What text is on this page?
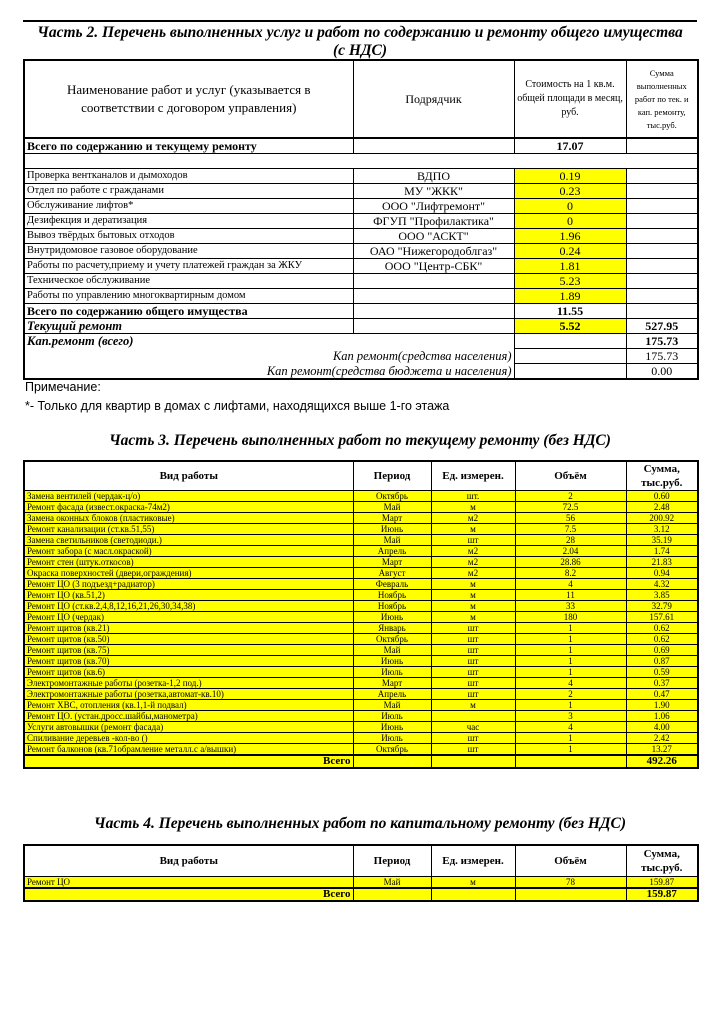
Часть 2. Перечень выполненных услуг и работ по содержанию и ремонту общего имущества
(с НДС)
Наименование работ и услуг (указывается в соответствии с договором управления)	Подрядчик	Стоимость на 1 кв.м. общей площади в месяц, руб.	Сумма выполненных работ по тек. и кап. ремонту, тыс.руб.
Всего по содержанию и текущему ремонту		17.07	

Проверка вентканалов и дымоходов	ВДПО	0.19	
Отдел по работе с гражданами	МУ "ЖКК"	0.23	
Обслуживание лифтов*	ООО "Лифтремонт"	0	
Дезифекция и дератизация	ФГУП "Профилактика"	0	
Вывоз твёрдых бытовых отходов	ООО "АСКТ"	1.96	
Внутридомовое газовое оборудование	ОАО "Нижегородоблгаз"	0.24	
Работы по расчету,приему и учету платежей граждан за ЖКУ	ООО "Центр-СБК"	1.81	
Техническое обслуживание		5.23	
Работы по управлению многоквартирным домом		1.89	
Всего по содержанию общего имущества		11.55	
Текущий ремонт		5.52	527.95
Кап.ремонт (всего)			175.73
Кап ремонт(средства населения)			175.73
Кап ремонт(средства бюджета и населения)			0.00
Примечание:
*- Только для квартир в домах с лифтами, находящихся выше 1-го этажа
Часть 3. Перечень выполненных работ по текущему ремонту (без НДС)
Вид работы	Период	Ед. измерен.	Объём	Сумма, тыс.руб.
Замена вентилей (чердак-ц/о)	Октябрь	шт.	2	0.60
Ремонт фасада (извест.окраска-74м2)	Май	м	72.5	2.48
Замена оконных блоков (пластиковые)	Март	м2	56	200.92
Ремонт канализации (ст.кв.51,55)	Июнь	м	7.5	3.12
Замена светильников (светодиоди.)	Май	шт	28	35.19
Ремонт забора (с масл.окраской)	Апрель	м2	2.04	1.74
Ремонт стен (штук.откосов)	Март	м2	28.86	21.83
Окраска поверхностей (двери,ограждения)	Август	м2	8.2	0.94
Ремонт ЦО (3 подъезд+радиатор)	Февраль	м	4	4.32
Ремонт ЦО (кв.51,2)	Ноябрь	м	11	3.85
Ремонт ЦО (ст.кв.2,4,8,12,16,21,26,30,34,38)	Ноябрь	м	33	32.79
Ремонт ЦО (чердак)	Июнь	м	180	157.61
Ремонт щитов (кв.21)	Январь	шт	1	0.62
Ремонт щитов (кв.50)	Октябрь	шт	1	0.62
Ремонт щитов (кв.75)	Май	шт	1	0.69
Ремонт щитов (кв.70)	Июнь	шт	1	0.87
Ремонт щитов (кв.6)	Июль	шт	1	0.59
Электромонтажные работы (розетка-1,2 под.)	Март	шт	4	0.37
Электромонтажные работы (розетка,автомат-кв.10)	Апрель	шт	2	0.47
Ремонт ХВС, отопления (кв.1,1-й подвал)	Май	м	1	1.90
Ремонт ЦО. (устан.дросс.шайбы,манометра)	Июль		3	1.06
Услуги автовышки (ремонт фасада)	Июнь	час	4	4.00
Спиливание деревьев -кол-во ()	Июль	шт	1	2.42
Ремонт балконов (кв.71обрамление металл.с а/вышки)	Октябрь	шт	1	13.27
Всего				492.26
Часть 4. Перечень выполненных работ по капитальному ремонту (без НДС)
Вид работы	Период	Ед. измерен.	Объём	Сумма, тыс.руб.
Ремонт ЦО	Май	м	78	159.87
Всего				159.87
